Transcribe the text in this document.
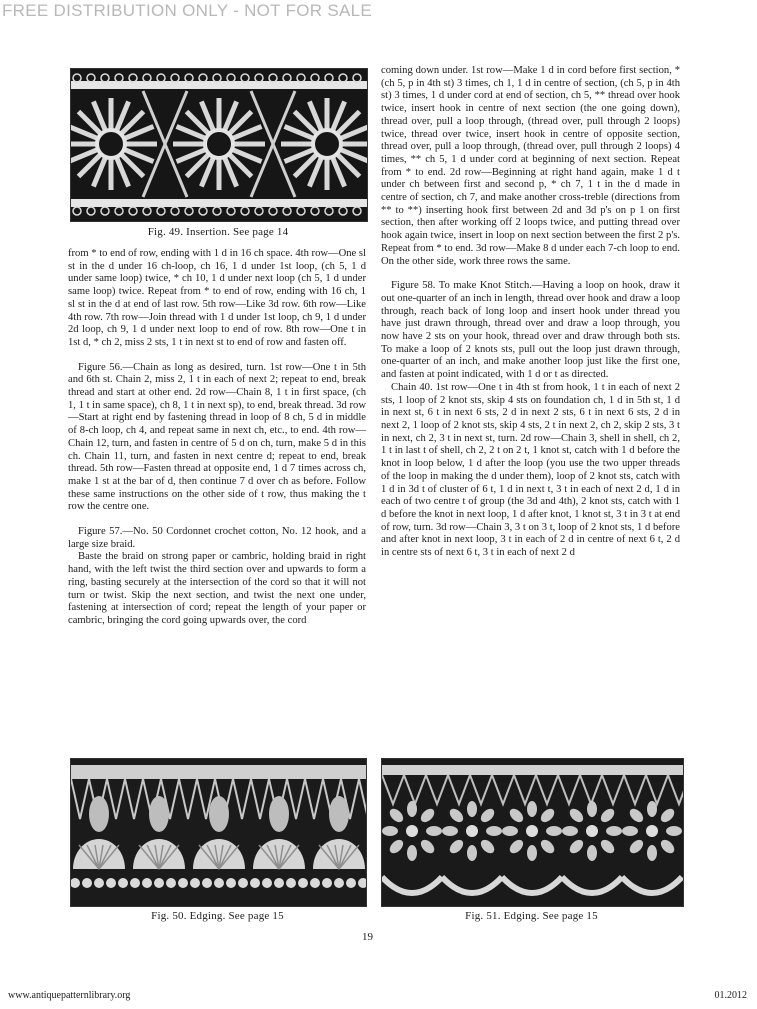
FREE DISTRIBUTION ONLY - NOT FOR SALE
Fig. 49. Insertion. See page 14

from * to end of row, ending with 1 d in 16 ch space. 4th row—One sl st in the d under 16 ch-loop, ch 16, 1 d under 1st loop, (ch 5, 1 d under same loop) twice, * ch 10, 1 d under next loop (ch 5, 1 d under same loop) twice. Repeat from * to end of row, ending with 16 ch, 1 sl st in the d at end of last row. 5th row—Like 3d row. 6th row—Like 4th row. 7th row—Join thread with 1 d under 1st loop, ch 9, 1 d under 2d loop, ch 9, 1 d under next loop to end of row. 8th row—One t in 1st d, * ch 2, miss 2 sts, 1 t in next st to end of row and fasten off.

Figure 56.—Chain as long as desired, turn. 1st row—One t in 5th and 6th st. Chain 2, miss 2, 1 t in each of next 2; repeat to end, break thread and start at other end. 2d row—Chain 8, 1 t in first space, (ch 1, 1 t in same space), ch 8, 1 t in next sp), to end, break thread. 3d row—Start at right end by fastening thread in loop of 8 ch, 5 d in middle of 8-ch loop, ch 4, and repeat same in next ch, etc., to end. 4th row—Chain 12, turn, and fasten in centre of 5 d on ch, turn, make 5 d in this ch. Chain 11, turn, and fasten in next centre d; repeat to end, break thread. 5th row—Fasten thread at opposite end, 1 d 7 times across ch, make 1 st at the bar of d, then continue 7 d over ch as before. Follow these same instructions on the other side of t row, thus making the t row the centre one.

Figure 57.—No. 50 Cordonnet crochet cotton, No. 12 hook, and a large size braid.

Baste the braid on strong paper or cambric, holding braid in right hand, with the left twist the third section over and upwards to form a ring, basting securely at the intersection of the cord so that it will not turn or twist. Skip the next section, and twist the next one under, fastening at intersection of cord; repeat the length of your paper or cambric, bringing the cord going upwards over, the cord

coming down under. 1st row—Make 1 d in cord before first section, * (ch 5, p in 4th st) 3 times, ch 1, 1 d in centre of section, (ch 5, p in 4th st) 3 times, 1 d under cord at end of section, ch 5, ** thread over hook twice, insert hook in centre of next section (the one going down), thread over, pull a loop through, (thread over, pull through 2 loops) twice, thread over twice, insert hook in centre of opposite section, thread over, pull a loop through, (thread over, pull through 2 loops) 4 times, ** ch 5, 1 d under cord at beginning of next section. Repeat from * to end. 2d row—Beginning at right hand again, make 1 d t under ch between first and second p, * ch 7, 1 t in the d made in centre of section, ch 7, and make another cross-treble (directions from ** to **) inserting hook first between 2d and 3d p's on p 1 on first section, then after working off 2 loops twice, and putting thread over hook again twice, insert in loop on next section between the first 2 p's. Repeat from * to end. 3d row—Make 8 d under each 7-ch loop to end. On the other side, work three rows the same.

Figure 58. To make Knot Stitch.—Having a loop on hook, draw it out one-quarter of an inch in length, thread over hook and draw a loop through, reach back of long loop and insert hook under thread you have just drawn through, thread over and draw a loop through, you now have 2 sts on your hook, thread over and draw through both sts. To make a loop of 2 knots sts, pull out the loop just drawn through, one-quarter of an inch, and make another loop just like the first one, and fasten at point indicated, with 1 d or t as directed.

Chain 40. 1st row—One t in 4th st from hook, 1 t in each of next 2 sts, 1 loop of 2 knot sts, skip 4 sts on foundation ch, 1 d in 5th st, 1 d in next st, 6 t in next 6 sts, 2 d in next 2 sts, 6 t in next 6 sts, 2 d in next 2, 1 loop of 2 knot sts, skip 4 sts, 2 t in next 2, ch 2, skip 2 sts, 3 t in next, ch 2, 3 t in next st, turn. 2d row—Chain 3, shell in shell, ch 2, 1 t in last t of shell, ch 2, 2 t on 2 t, 1 knot st, catch with 1 d before the knot in loop below, 1 d after the loop (you use the two upper threads of the loop in making the d under them), loop of 2 knot sts, catch with 1 d in 3d t of cluster of 6 t, 1 d in next t, 3 t in each of next 2 d, 1 d in each of two centre t of group (the 3d and 4th), 2 knot sts, catch with 1 d before the knot in next loop, 1 d after knot, 1 knot st, 3 t in 3 t at end of row, turn. 3d row—Chain 3, 3 t on 3 t, loop of 2 knot sts, 1 d before and after knot in next loop, 3 t in each of 2 d in centre of next 6 t, 2 d in centre sts of next 6 t, 3 t in each of next 2 d

Fig. 50. Edging. See page 15	Fig. 51. Edging. See page 15
19
www.antiquepatternlibrary.org	01.2012
